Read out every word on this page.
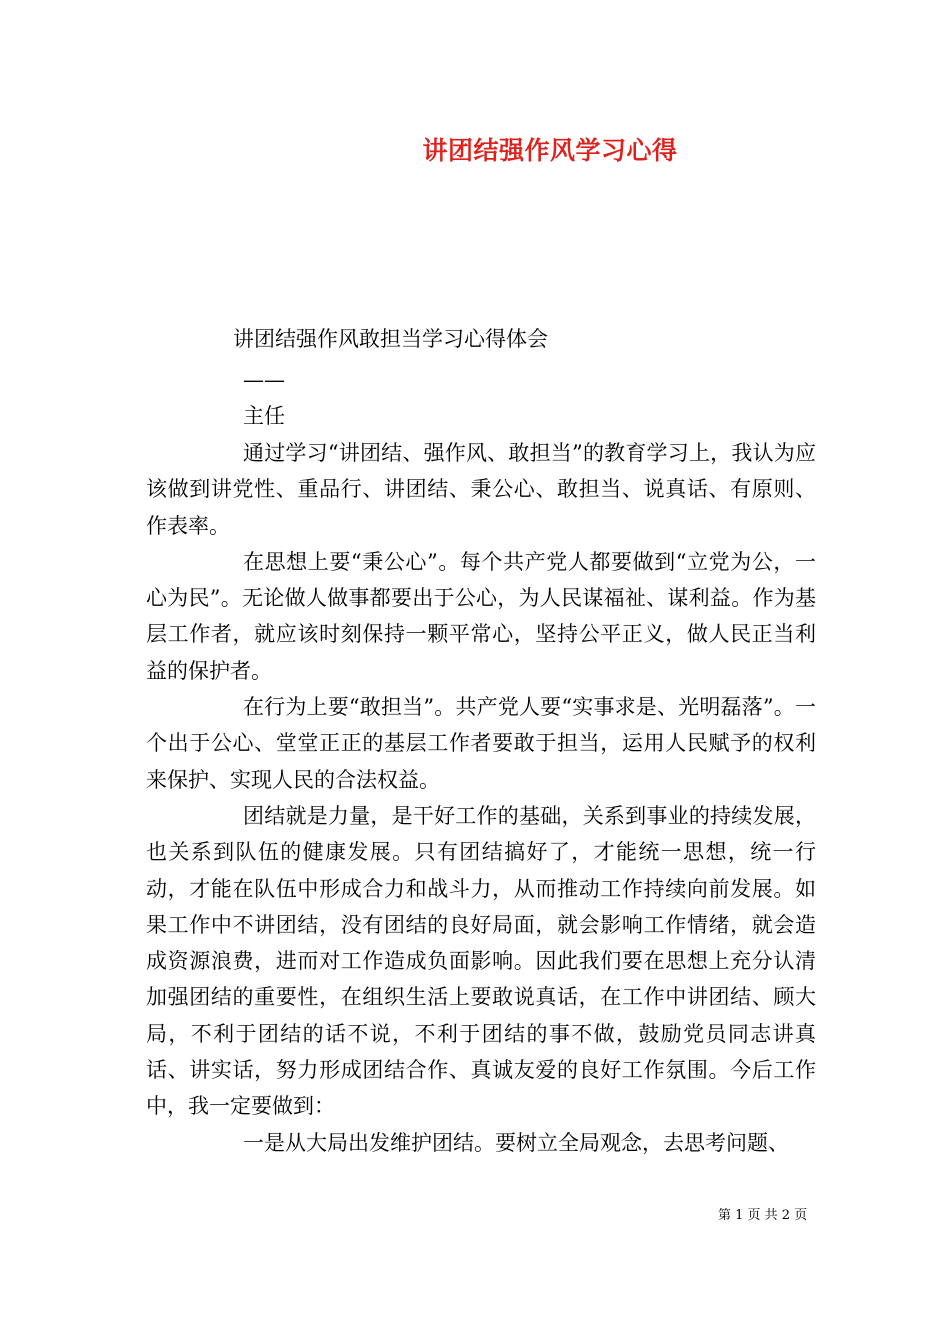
讲团结强作风学习心得
讲团结强作风敢担当学习心得体会
——
主任

通过学习“讲团结、强作风、敢担当”的教育学习上，我认为应该做到讲党性、重品行、讲团结、秉公心、敢担当、说真话、有原则、作表率。

在思想上要“秉公心”。每个共产党人都要做到“立党为公，一心为民”。无论做人做事都要出于公心，为人民谋福祉、谋利益。作为基层工作者，就应该时刻保持一颗平常心，坚持公平正义，做人民正当利益的保护者。

在行为上要“敢担当”。共产党人要“实事求是、光明磊落”。一个出于公心、堂堂正正的基层工作者要敢于担当，运用人民赋予的权利来保护、实现人民的合法权益。

团结就是力量，是干好工作的基础，关系到事业的持续发展，也关系到队伍的健康发展。只有团结搞好了，才能统一思想，统一行动，才能在队伍中形成合力和战斗力，从而推动工作持续向前发展。如果工作中不讲团结，没有团结的良好局面，就会影响工作情绪，就会造成资源浪费，进而对工作造成负面影响。因此我们要在思想上充分认清加强团结的重要性，在组织生活上要敢说真话，在工作中讲团结、顾大局，不利于团结的话不说，不利于团结的事不做，鼓励党员同志讲真话、讲实话，努力形成团结合作、真诚友爱的良好工作氛围。今后工作中，我一定要做到：

一是从大局出发维护团结。要树立全局观念，去思考问题、

第 1 页 共 2 页
